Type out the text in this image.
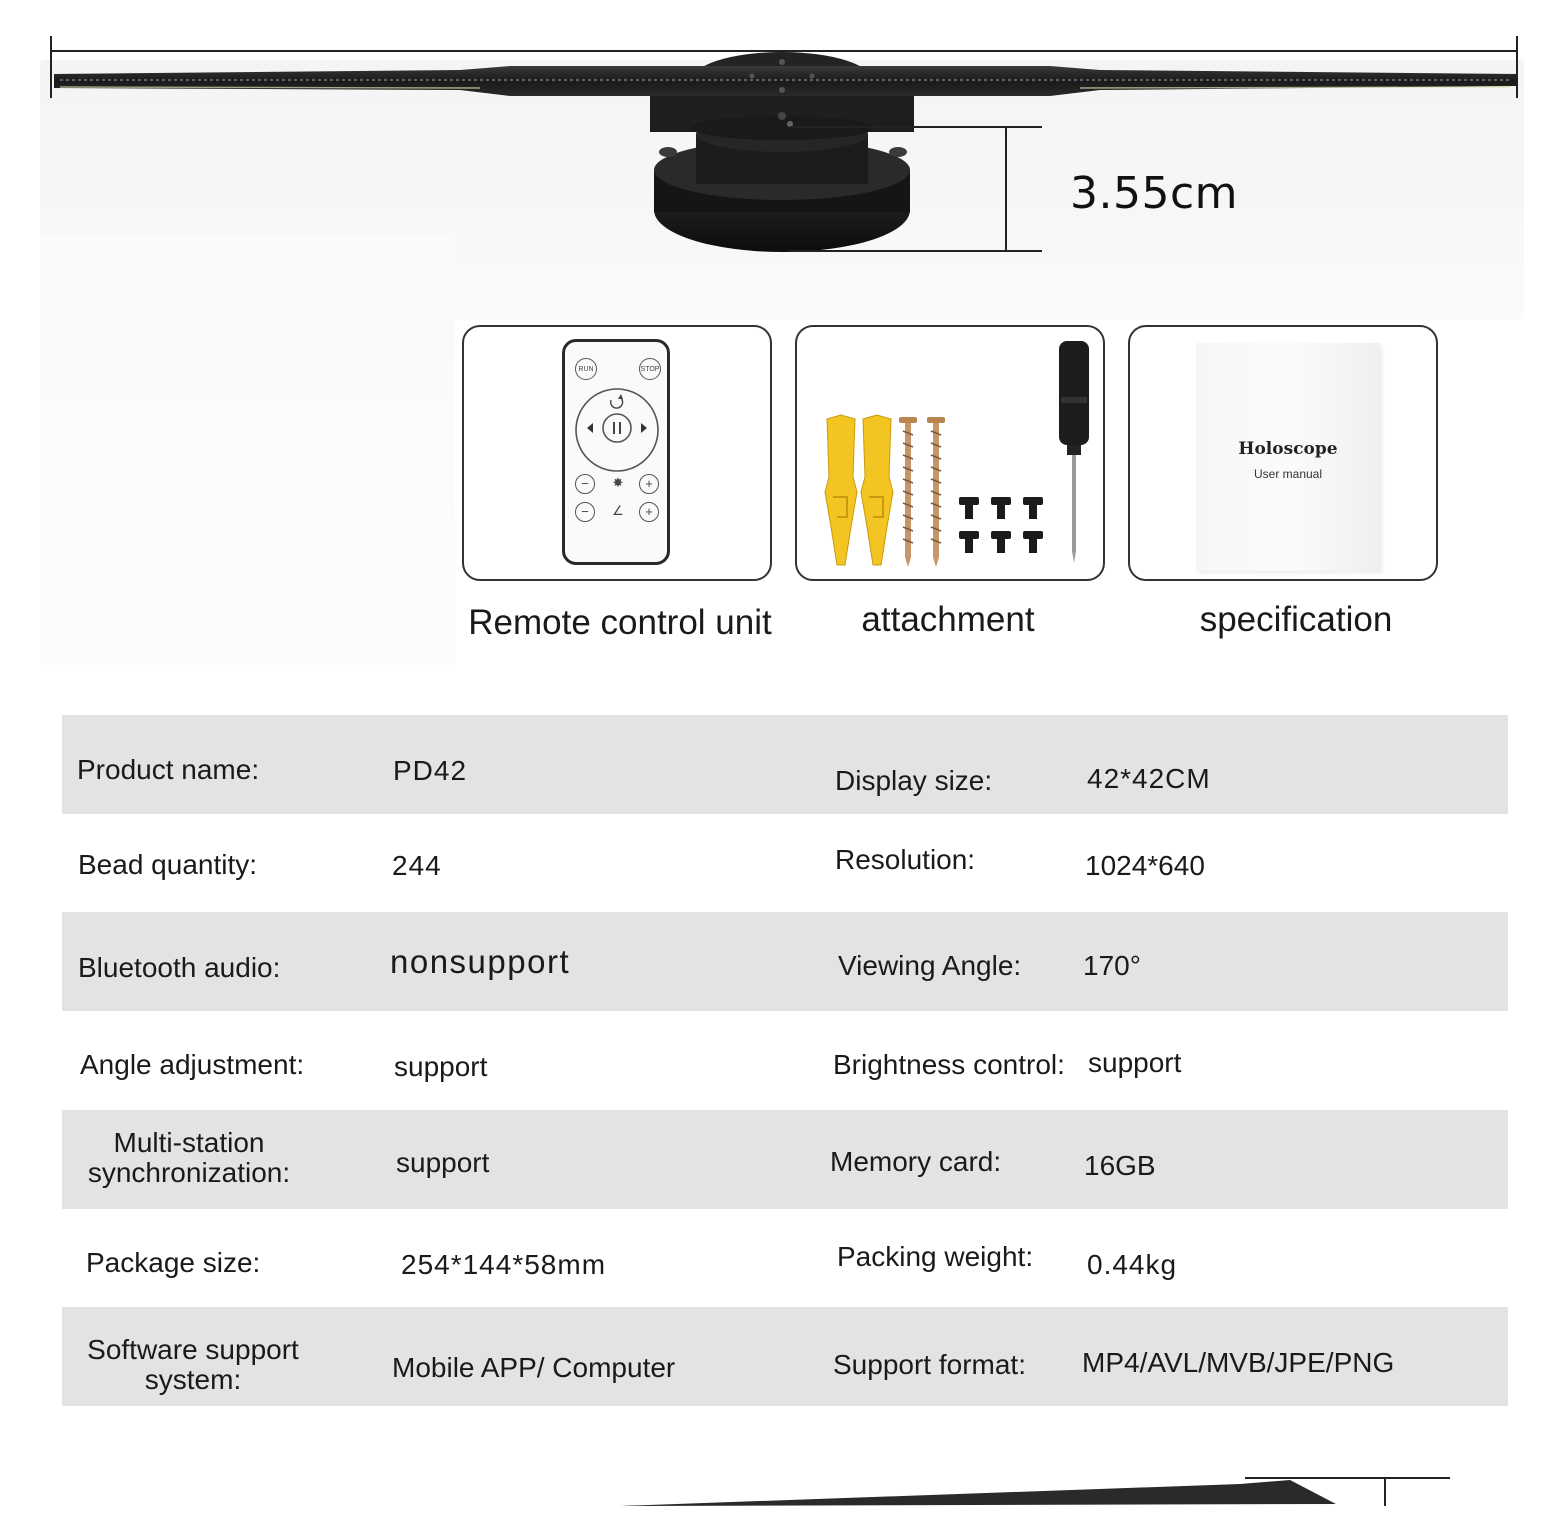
3.55cm
RUN	STOP
−	✸	+
−	∠	+
Holoscope
User manual
Remote control unit	attachment	specification
Product name:	PD42	Display size:	42*42CM
Bead quantity:	244	Resolution:	1024*640
Bluetooth audio:	nonsupport	Viewing Angle: 170°
Angle adjustment:	support	Brightness control: support
Multi-station synchronization:	support	Memory card:	16GB
Package size:	254*144*58mm	Packing weight: 0.44kg
Software support system:	Mobile APP/ Computer	Support format: MP4/AVL/MVB/JPE/PNG
